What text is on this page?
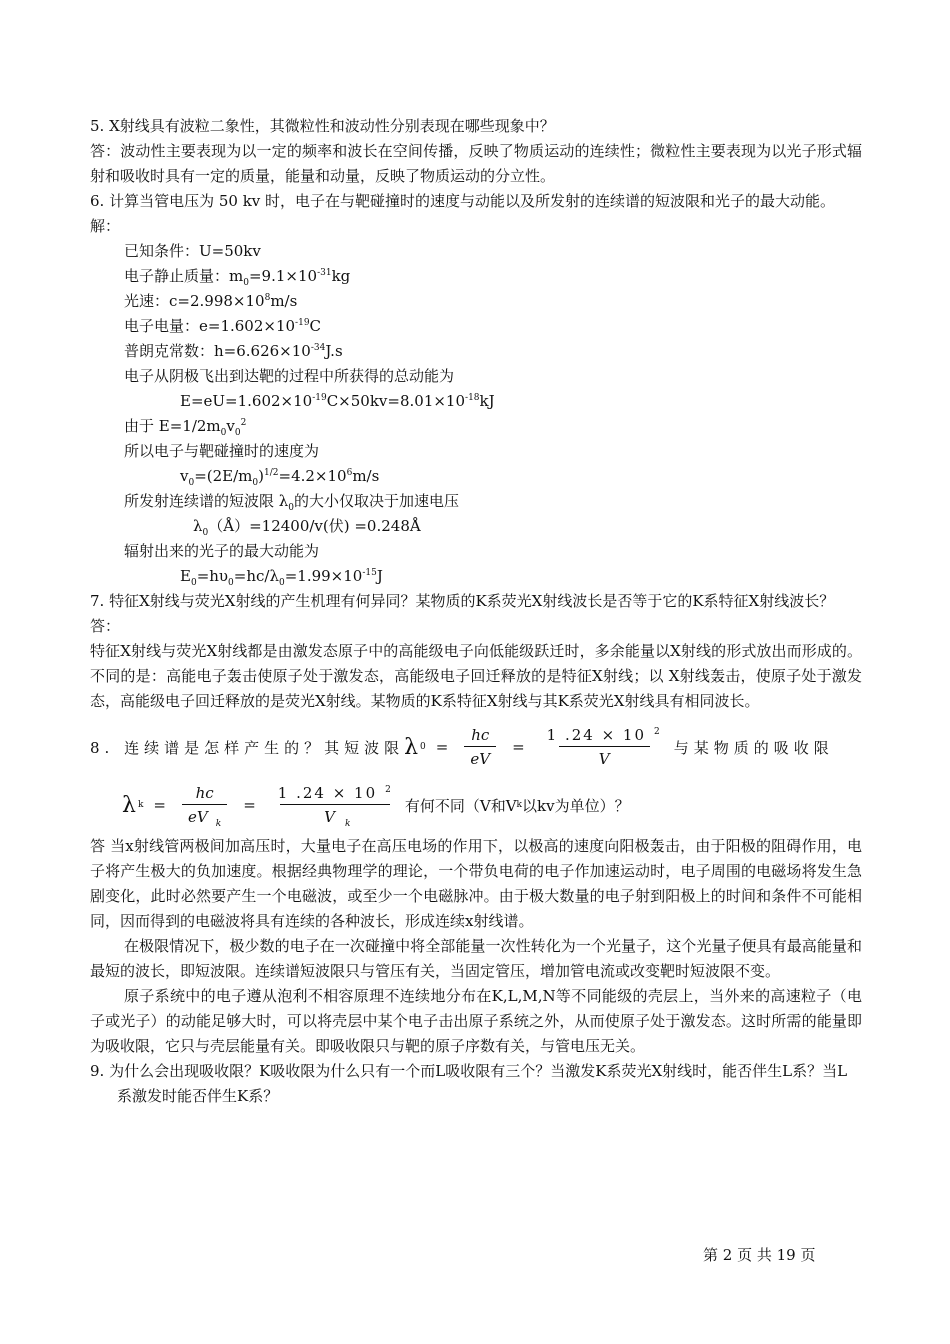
5. X射线具有波粒二象性，其微粒性和波动性分别表现在哪些现象中？
答：波动性主要表现为以一定的频率和波长在空间传播，反映了物质运动的连续性；微粒性主要表现为以光子形式辐射和吸收时具有一定的质量，能量和动量，反映了物质运动的分立性。
6. 计算当管电压为 50 kv 时，电子在与靶碰撞时的速度与动能以及所发射的连续谱的短波限和光子的最大动能。
解：
已知条件：U=50kv
电子静止质量：$m_0=9.1\times 10^{-31}kg$
光速：$c=2.998\times 10^8m/s$
电子电量：$e=1.602\times 10^{-19}C$
普朗克常数：$h=6.626\times 10^{-34}J.s$
电子从阴极飞出到达靶的过程中所获得的总动能为
$E=eU=1.602\times 10^{-19}C\times 50kv=8.01\times 10^{-18}kJ$
由于 $E=1/2m_0v_0^2$
所以电子与靶碰撞时的速度为
$v_0=(2E/m_0)^{1/2}=4.2\times 10^6m/s$
所发射连续谱的短波限 $\lambda_0$的大小仅取决于加速电压
$\lambda_0(Å)=12400/v$(伏) =0.248Å
辐射出来的光子的最大动能为
$E_0=h\upsilon_0=hc/\lambda_0=1.99\times 10^{-15}J$
7. 特征X射线与荧光X射线的产生机理有何异同？某物质的K系荧光X射线波长是否等于它的K系特征X射线波长？
答：
特征X射线与荧光X射线都是由激发态原子中的高能级电子向低能级跃迁时，多余能量以X射线的形式放出而形成的。不同的是：高能电子轰击使原子处于激发态，高能级电子回迁释放的是特征X射线；以 X射线轰击，使原子处于激发态，高能级电子回迁释放的是荧光X射线。某物质的K系特征X射线与其K系荧光X射线具有相同波长。
8. 连续谱是怎样产生的？其短波限 λ $0 = \frac{hc}{eV} = \frac{1 .24 \times 10 ^2}{V}$ 与某物质的吸收限
λ $k = \frac{hc}{eV _k} = \frac{1 .24 \times 10 ^2}{V _k}$ 有何不同（V和V k 以kv为单位）？
答 当x射线管两极间加高压时，大量电子在高压电场的作用下，以极高的速度向阳极轰击，由于阳极的阻碍作用，电子将产生极大的负加速度。根据经典物理学的理论，一个带负电荷的电子作加速运动时，电子周围的电磁场将发生急剧变化，此时必然要产生一个电磁波，或至少一个电磁脉冲。由于极大数量的电子射到阳极上的时间和条件不可能相同，因而得到的电磁波将具有连续的各种波长，形成连续x射线谱。
在极限情况下，极少数的电子在一次碰撞中将全部能量一次性转化为一个光量子，这个光量子便具有最高能量和最短的波长，即短波限。连续谱短波限只与管压有关，当固定管压，增加管电流或改变靶时短波限不变。
原子系统中的电子遵从泡利不相容原理不连续地分布在K,L,M,N等不同能级的壳层上，当外来的高速粒子（电子或光子）的动能足够大时，可以将壳层中某个电子击出原子系统之外，从而使原子处于激发态。这时所需的能量即为吸收限，它只与壳层能量有关。即吸收限只与靶的原子序数有关，与管电压无关。
9. 为什么会出现吸收限？K吸收限为什么只有一个而L吸收限有三个？当激发K系荧光X射线时，能否伴生L系？当L系激发时能否伴生K系？
第 2 页 共 19 页
